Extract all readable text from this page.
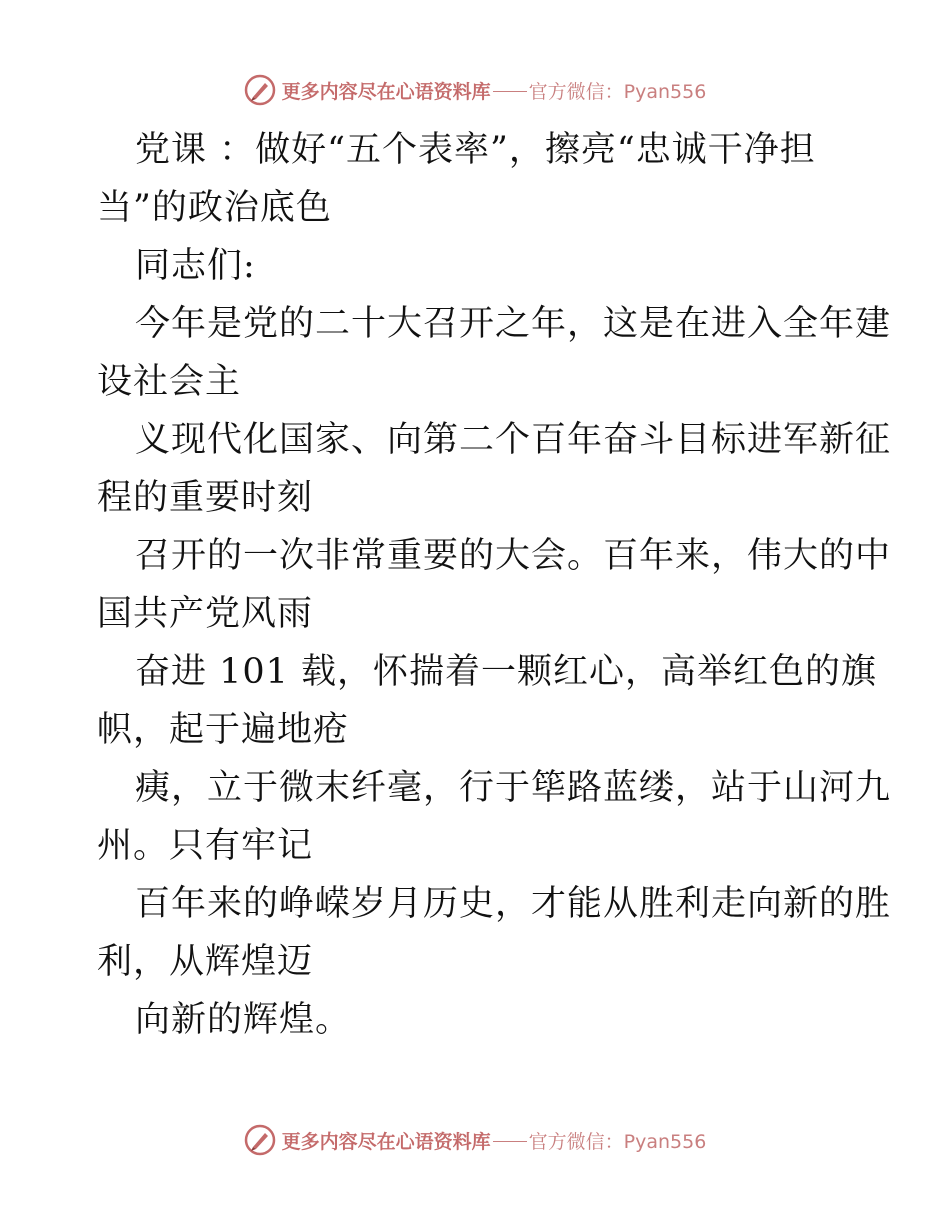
更多内容尽在心语资料库 官方微信：Pyan556
党课 ：做好“五个表率”，擦亮“忠诚干净担
当”的政治底色
同志们:
今年是党的二十大召开之年，这是在进入全年建
设社会主
义现代化国家、向第二个百年奋斗目标进军新征
程的重要时刻
召开的一次非常重要的大会。百年来，伟大的中
国共产党风雨
奋进 101 载，怀揣着一颗红心，高举红色的旗
帜，起于遍地疮
痍，立于微末纤毫，行于筚路蓝缕，站于山河九
州。只有牢记
百年来的峥嵘岁月历史，才能从胜利走向新的胜
利，从辉煌迈
向新的辉煌。
更多内容尽在心语资料库 官方微信：Pyan556
